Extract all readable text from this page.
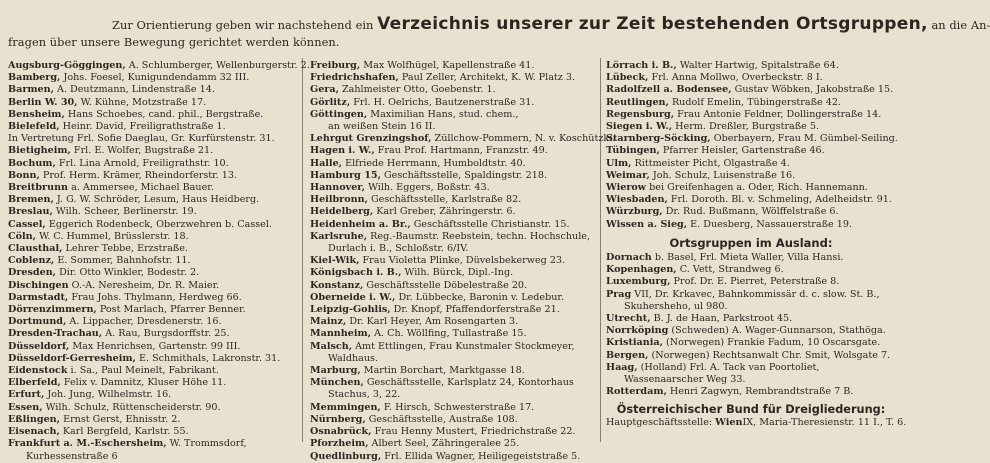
Zur Orientierung geben wir nachstehend ein Verzeichnis unserer zur Zeit bestehenden Ortsgruppen, an die An-
fragen über unsere Bewegung gerichtet werden können.
Augsburg-Göggingen, A. Schlumberger, Wellenburgerstr. 2.
Bamberg, Johs. Foesel, Kunigundendamm 32 III.
Barmen, A. Deutzmann, Lindenstraße 14.
Berlin W. 30, W. Kühne, Motzstraße 17.
Bensheim, Hans Schoebes, cand. phil., Bergstraße.
Bielefeld, Heinr. David, Freiligrathstraße 1.
In Vertretung Frl. Sofie Daeglau, Gr. Kurfürstenstr. 31.
Bietigheim, Frl. E. Wolfer, Bugstraße 21.
Bochum, Frl. Lina Arnold, Freiligrathstr. 10.
Bonn, Prof. Herm. Krämer, Rheindorferstr. 13.
Breitbrunn a. Ammersee, Michael Bauer.
Bremen, J. G. W. Schröder, Lesum, Haus Heidberg.
Breslau, Wilh. Scheer, Berlinerstr. 19.
Cassel, Eggerich Rodenbeck, Oberzwehren b. Cassel.
Cöln, W. C. Hummel, Brüsslerstr. 18.
Clausthal, Lehrer Tebbe, Erzstraße.
Coblenz, E. Sommer, Bahnhofstr. 11.
Dresden, Dir. Otto Winkler, Bodestr. 2.
Dischingen O.-A. Neresheim, Dr. R. Maier.
Darmstadt, Frau Johs. Thylmann, Herdweg 66.
Dörrenzimmern, Post Marlach, Pfarrer Benner.
Dortmund, A. Lippacher, Dresdenerstr. 16.
Dresden-Trachau, A. Rau, Burgsdorffstr. 25.
Düsseldorf, Max Henrichsen, Gartenstr. 99 III.
Düsseldorf-Gerresheim, E. Schmithals, Lakronstr. 31.
Eidenstock i. Sa., Paul Meinelt, Fabrikant.
Elberfeld, Felix v. Damnitz, Kluser Höhe 11.
Erfurt, Joh. Jung, Wilhelmstr. 16.
Essen, Wilh. Schulz, Rüttenscheiderstr. 90.
Eßlingen, Ernst Gerst, Ehnisstr. 2.
Eisenach, Karl Bergfeld, Karlstr. 55.
Frankfurt a. M.-Eschersheim, W. Trommsdorf,
Kurhessenstraße 6
Freiburg, Max Wolfhügel, Kapellenstraße 41.
Friedrichshafen, Paul Zeller, Architekt, K. W. Platz 3.
Gera, Zahlmeister Otto, Goebenstr. 1.
Görlitz, Frl. H. Oelrichs, Bautzenerstraße 31.
Göttingen, Maximilian Hans, stud. chem.,
an weißen Stein 16 II.
Lehrgut Grenzingshof, Züllchow-Pommern, N. v. Koschützki.
Hagen i. W., Frau Prof. Hartmann, Franzstr. 49.
Halle, Elfriede Herrmann, Humboldtstr. 40.
Hamburg 15, Geschäftsstelle, Spaldingstr. 218.
Hannover, Wilh. Eggers, Boßstr. 43.
Heilbronn, Geschäftsstelle, Karlstraße 82.
Heidelberg, Karl Greber, Zähringerstr. 6.
Heidenheim a. Br., Geschäftsstelle Christianstr. 15.
Karlsruhe, Reg.-Baumstr. Reebstein, techn. Hochschule,
Durlach i. B., Schloßstr. 6/IV.
Kiel-Wik, Frau Violetta Plinke, Düvelsbekerweg 23.
Königsbach i. B., Wilh. Bürck, Dipl.-Ing.
Konstanz, Geschäftsstelle Döbelestraße 20.
Oberneide i. W., Dr. Lübbecke, Baronin v. Ledebur.
Leipzig-Gohlis, Dr. Knopf, Pfaffendorferstraße 21.
Mainz, Dr. Karl Heyer, Am Rosengarten 3.
Mannheim, A. Ch. Wöllfing, Tullastraße 15.
Malsch, Amt Ettlingen, Frau Kunstmaler Stockmeyer,
Waldhaus.
Marburg, Martin Borchart, Marktgasse 18.
München, Geschäftsstelle, Karlsplatz 24, Kontorhaus
Stachus, 3, 22.
Memmingen, F. Hirsch, Schwesterstraße 17.
Nürnberg, Geschäftsstelle, Austraße 108.
Osnabrück, Frau Henny Mustert, Friedrichstraße 22.
Pforzheim, Albert Seel, Zähringeralee 25.
Quedlinburg, Frl. Ellida Wagner, Heiligegeiststraße 5.
Lörrach i. B., Walter Hartwig, Spitalstraße 64.
Lübeck, Frl. Anna Mollwo, Overbeckstr. 8 I.
Radolfzell a. Bodensee, Gustav Wöbken, Jakobstraße 15.
Reutlingen, Rudolf Emelin, Tübingerstraße 42.
Regensburg, Frau Antonie Feldner, Dollingerstraße 14.
Siegen i. W., Herm. Dreßler, Burgstraße 5.
Starnberg-Söcking, Oberbayern, Frau M. Gümbel-Seiling.
Tübingen, Pfarrer Heisler, Gartenstraße 46.
Ulm, Rittmeister Picht, Olgastraße 4.
Weimar, Joh. Schulz, Luisenstraße 16.
Wierow bei Greifenhagen a. Oder, Rich. Hannemann.
Wiesbaden, Frl. Doroth. Bl. v. Schmeling, Adelheidstr. 91.
Würzburg, Dr. Rud. Bußmann, Wölffelstraße 6.
Wissen a. Sieg, E. Duesberg, Nassauerstraße 19.
Ortsgruppen im Ausland:
Dornach b. Basel, Frl. Mieta Waller, Villa Hansi.
Kopenhagen, C. Vett, Strandweg 6.
Luxemburg, Prof. Dr. E. Pierret, Peterstraße 8.
Prag VII, Dr. Krkavec, Bahnkommissär d. c. slow. St. B.,
Skuhersheho, ul 980.
Utrecht, B. J. de Haan, Parkstroot 45.
Norrköping (Schweden) A. Wager-Gunnarson, Stathöga.
Kristiania, (Norwegen) Frankie Fadum, 10 Oscarsgate.
Bergen, (Norwegen) Rechtsanwalt Chr. Smit, Wolsgate 7.
Haag, (Holland) Frl. A. Tack van Poortoliet,
Wassenaarscher Weg 33.
Rotterdam, Henri Zagwyn, Rembrandtstraße 7 B.
Österreichischer Bund für Dreigliederung:
Hauptgeschäftsstelle: WienIX, Maria-Theresienstr. 11 I., T. 6.
